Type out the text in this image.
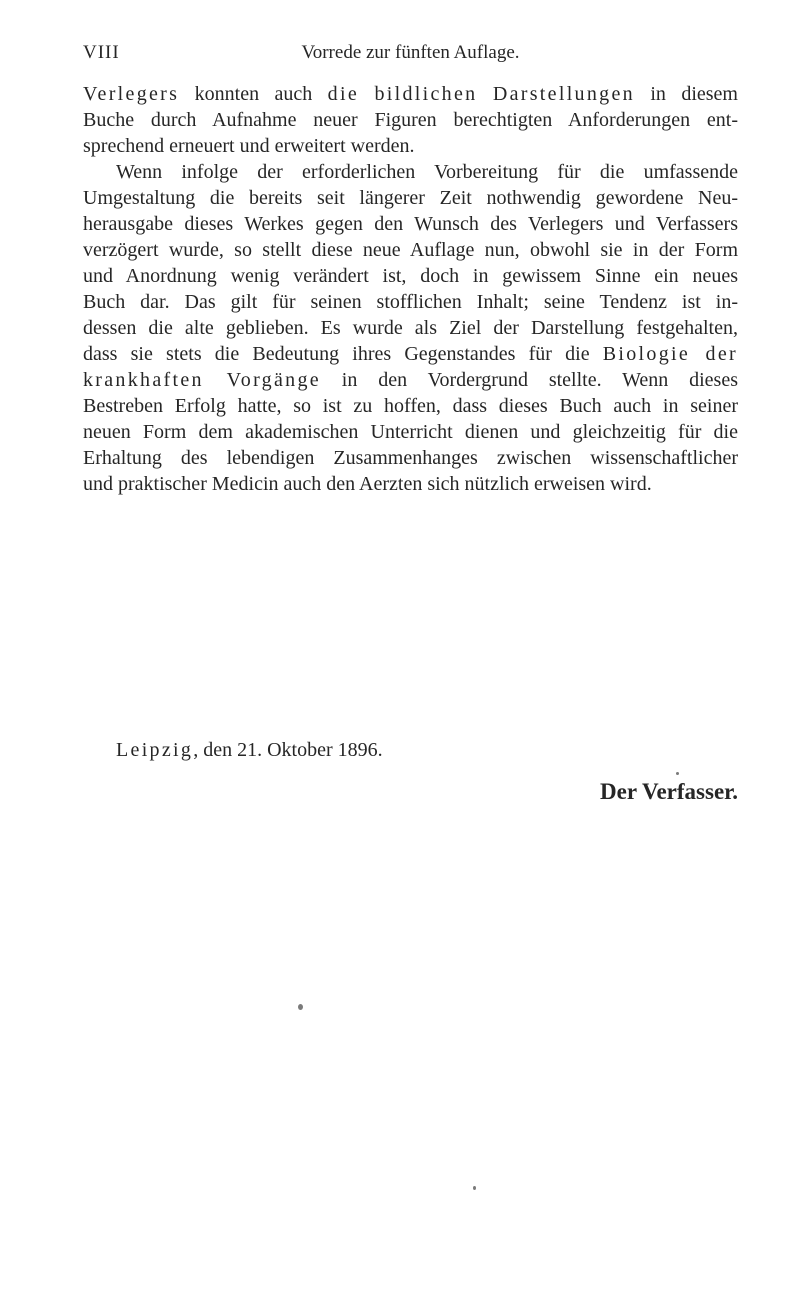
VIII	Vorrede zur fünften Auflage.
Verlegers konnten auch die bildlichen Darstellungen in diesem
Buche durch Aufnahme neuer Figuren berechtigten Anforderungen ent-
sprechend erneuert und erweitert werden.
Wenn infolge der erforderlichen Vorbereitung für die umfassende
Umgestaltung die bereits seit längerer Zeit nothwendig gewordene Neu-
herausgabe dieses Werkes gegen den Wunsch des Verlegers und Verfassers
verzögert wurde, so stellt diese neue Auflage nun, obwohl sie in der Form
und Anordnung wenig verändert ist, doch in gewissem Sinne ein neues
Buch dar. Das gilt für seinen stofflichen Inhalt; seine Tendenz ist in-
dessen die alte geblieben. Es wurde als Ziel der Darstellung festgehalten,
dass sie stets die Bedeutung ihres Gegenstandes für die Biologie der
krankhaften Vorgänge in den Vordergrund stellte. Wenn dieses
Bestreben Erfolg hatte, so ist zu hoffen, dass dieses Buch auch in seiner
neuen Form dem akademischen Unterricht dienen und gleichzeitig für die
Erhaltung des lebendigen Zusammenhanges zwischen wissenschaftlicher
und praktischer Medicin auch den Aerzten sich nützlich erweisen wird.
Leipzig, den 21. Oktober 1896.
Der Verfasser.
